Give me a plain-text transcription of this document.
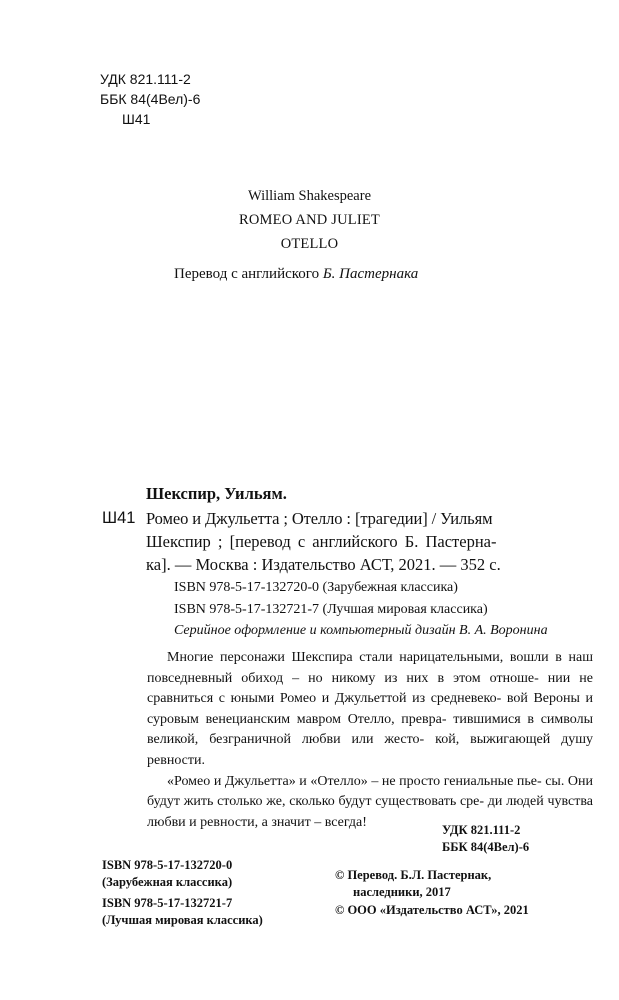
УДК 821.111-2
ББК 84(4Вел)-6
Ш41
William Shakespeare
ROMEO AND JULIET
OTELLO
Перевод с английского Б. Пастернака
Шекспир, Уильям.
Ш41 Ромео и Джульетта ; Отелло : [трагедии] / Уильям
Шекспир ; [перевод с английского Б. Пастерна-
ка]. — Москва : Издательство АСТ, 2021. — 352 с.
ISBN 978-5-17-132720-0 (Зарубежная классика)
ISBN 978-5-17-132721-7 (Лучшая мировая классика)
Серийное оформление и компьютерный дизайн В. А. Воронина

Многие персонажи Шекспира стали нарицательными, вошли в наш повседневный обиход – но никому из них в этом отноше- нии не сравниться с юными Ромео и Джульеттой из средневеко- вой Вероны и суровым венецианским мавром Отелло, преврa- тившимися в символы великой, безграничной любви или жесто- кой, выжигающей душу ревности.

«Ромео и Джульетта» и «Отелло» – не просто гениальные пье- сы. Они будут жить столько же, сколько будут существовать сре- ди людей чувства любви и ревности, а значит – всегда!

УДК 821.111-2
ББК 84(4Вел)-6
ISBN 978-5-17-132720-0
(Зарубежная классика)
ISBN 978-5-17-132721-7
(Лучшая мировая классика)
© Перевод. Б.Л. Пастернак,
наследники, 2017
© ООО «Издательство АСТ», 2021
